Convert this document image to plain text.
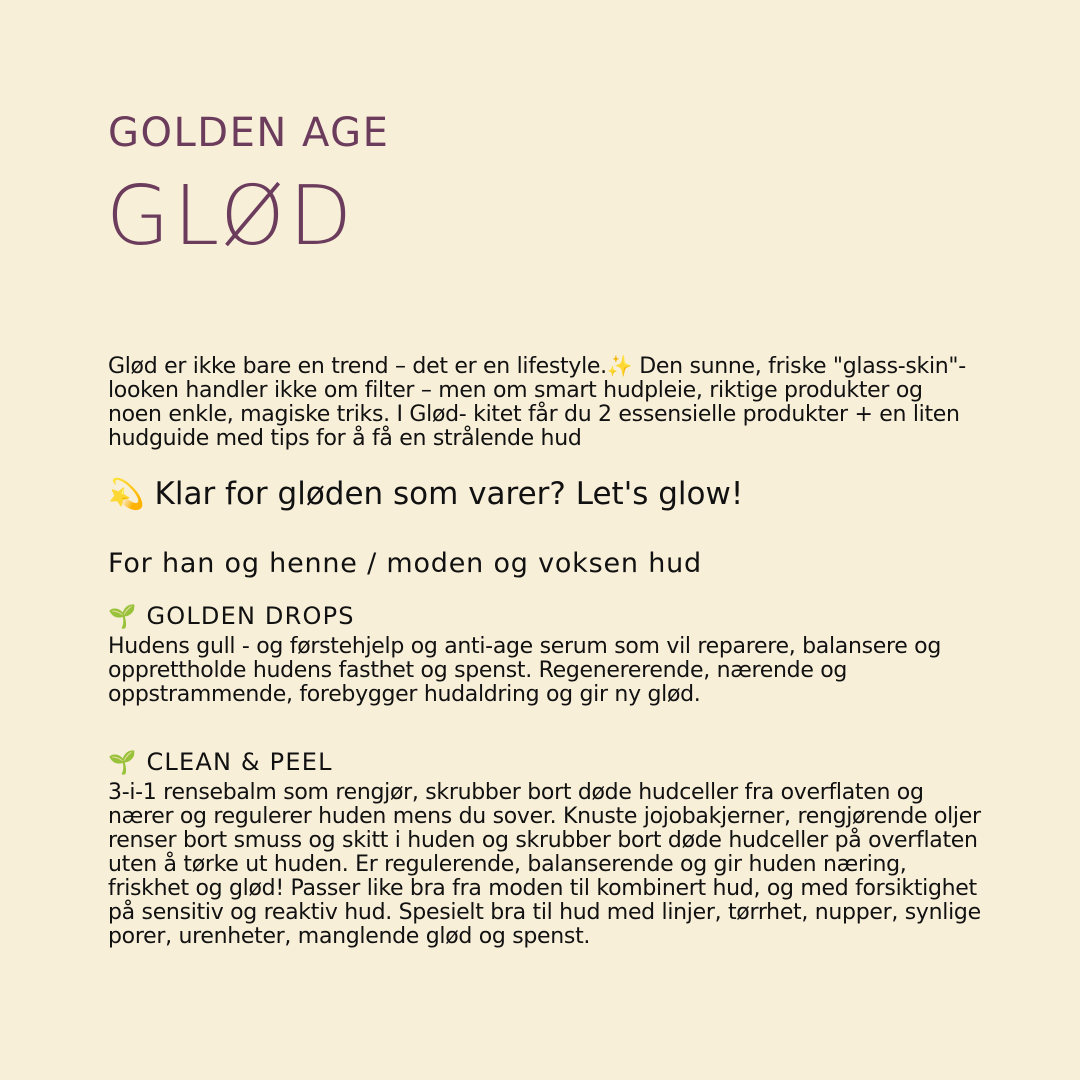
GOLDEN AGE
GLØD

Glød er ikke bare en trend – det er en lifestyle.✨ Den sunne, friske "glass-skin"-looken handler ikke om filter – men om smart hudpleie, riktige produkter og noen enkle, magiske triks. I Glød- kitet får du 2 essensielle produkter + en liten hudguide med tips for å få en strålende hud

💫 Klar for gløden som varer? Let's glow!

For han og henne / moden og voksen hud

🌱 GOLDEN DROPS

Hudens gull - og førstehjelp og anti-age serum som vil reparere, balansere og opprettholde hudens fasthet og spenst. Regenererende, nærende og oppstrammende, forebygger hudaldring og gir ny glød.

🌱 CLEAN & PEEL

3-i-1 rensebalm som rengjør, skrubber bort døde hudceller fra overflaten og nærer og regulerer huden mens du sover. Knuste jojobakjerner, rengjørende oljer renser bort smuss og skitt i huden og skrubber bort døde hudceller på overflaten uten å tørke ut huden. Er regulerende, balanserende og gir huden næring, friskhet og glød! Passer like bra fra moden til kombinert hud, og med forsiktighet på sensitiv og reaktiv hud. Spesielt bra til hud med linjer, tørrhet, nupper, synlige porer, urenheter, manglende glød og spenst.
